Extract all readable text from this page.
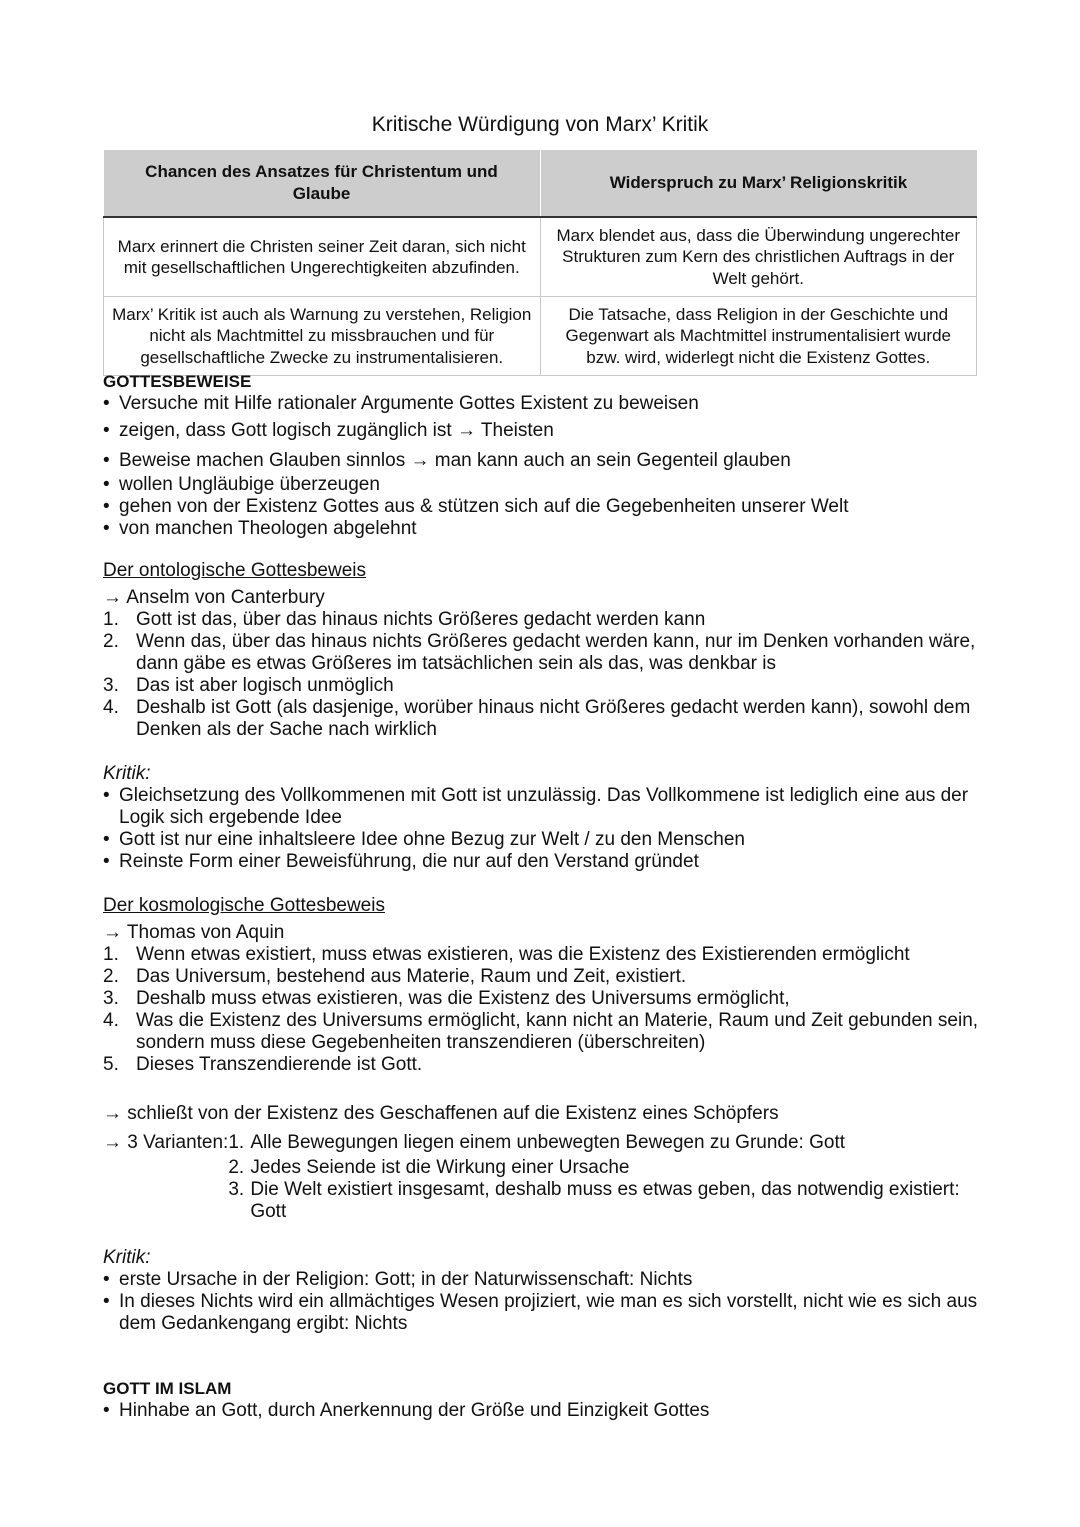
Kritische Würdigung von Marx’ Kritik
Chancen des Ansatzes für Christentum und Glaube	Widerspruch zu Marx’ Religionskritik
Marx erinnert die Christen seiner Zeit daran, sich nicht mit gesellschaftlichen Ungerechtigkeiten abzufinden.	Marx blendet aus, dass die Überwindung ungerechter Strukturen zum Kern des christlichen Auftrags in der Welt gehört.
Marx’ Kritik ist auch als Warnung zu verstehen, Religion nicht als Machtmittel zu missbrauchen und für gesellschaftliche Zwecke zu instrumentalisieren.	Die Tatsache, dass Religion in der Geschichte und Gegenwart als Machtmittel instrumentalisiert wurde bzw. wird, widerlegt nicht die Existenz Gottes.
GOTTESBEWEISE
• Versuche mit Hilfe rationaler Argumente Gottes Existent zu beweisen
• zeigen, dass Gott logisch zugänglich ist → Theisten
• Beweise machen Glauben sinnlos → man kann auch an sein Gegenteil glauben
• wollen Ungläubige überzeugen
• gehen von der Existenz Gottes aus & stützen sich auf die Gegebenheiten unserer Welt
• von manchen Theologen abgelehnt
Der ontologische Gottesbeweis
→ Anselm von Canterbury
1. Gott ist das, über das hinaus nichts Größeres gedacht werden kann
2. Wenn das, über das hinaus nichts Größeres gedacht werden kann, nur im Denken vorhanden wäre, dann gäbe es etwas Größeres im tatsächlichen sein als das, was denkbar is
3. Das ist aber logisch unmöglich
4. Deshalb ist Gott (als dasjenige, worüber hinaus nicht Größeres gedacht werden kann), sowohl dem Denken als der Sache nach wirklich
Kritik:
• Gleichsetzung des Vollkommenen mit Gott ist unzulässig. Das Vollkommene ist lediglich eine aus der Logik sich ergebende Idee
• Gott ist nur eine inhaltsleere Idee ohne Bezug zur Welt / zu den Menschen
• Reinste Form einer Beweisführung, die nur auf den Verstand gründet
Der kosmologische Gottesbeweis
→ Thomas von Aquin
1. Wenn etwas existiert, muss etwas existieren, was die Existenz des Existierenden ermöglicht
2. Das Universum, bestehend aus Materie, Raum und Zeit, existiert.
3. Deshalb muss etwas existieren, was die Existenz des Universums ermöglicht,
4. Was die Existenz des Universums ermöglicht, kann nicht an Materie, Raum und Zeit gebunden sein, sondern muss diese Gegebenheiten transzendieren (überschreiten)
5. Dieses Transzendierende ist Gott.
→ schließt von der Existenz des Geschaffenen auf die Existenz eines Schöpfers
→ 3 Varianten: 1. Alle Bewegungen liegen einem unbewegten Bewegen zu Grunde: Gott
2. Jedes Seiende ist die Wirkung einer Ursache
3. Die Welt existiert insgesamt, deshalb muss es etwas geben, das notwendig existiert: Gott
Kritik:
• erste Ursache in der Religion: Gott; in der Naturwissenschaft: Nichts
• In dieses Nichts wird ein allmächtiges Wesen projiziert, wie man es sich vorstellt, nicht wie es sich aus dem Gedankengang ergibt: Nichts
GOTT IM ISLAM
• Hinhabe an Gott, durch Anerkennung der Größe und Einzigkeit Gottes
